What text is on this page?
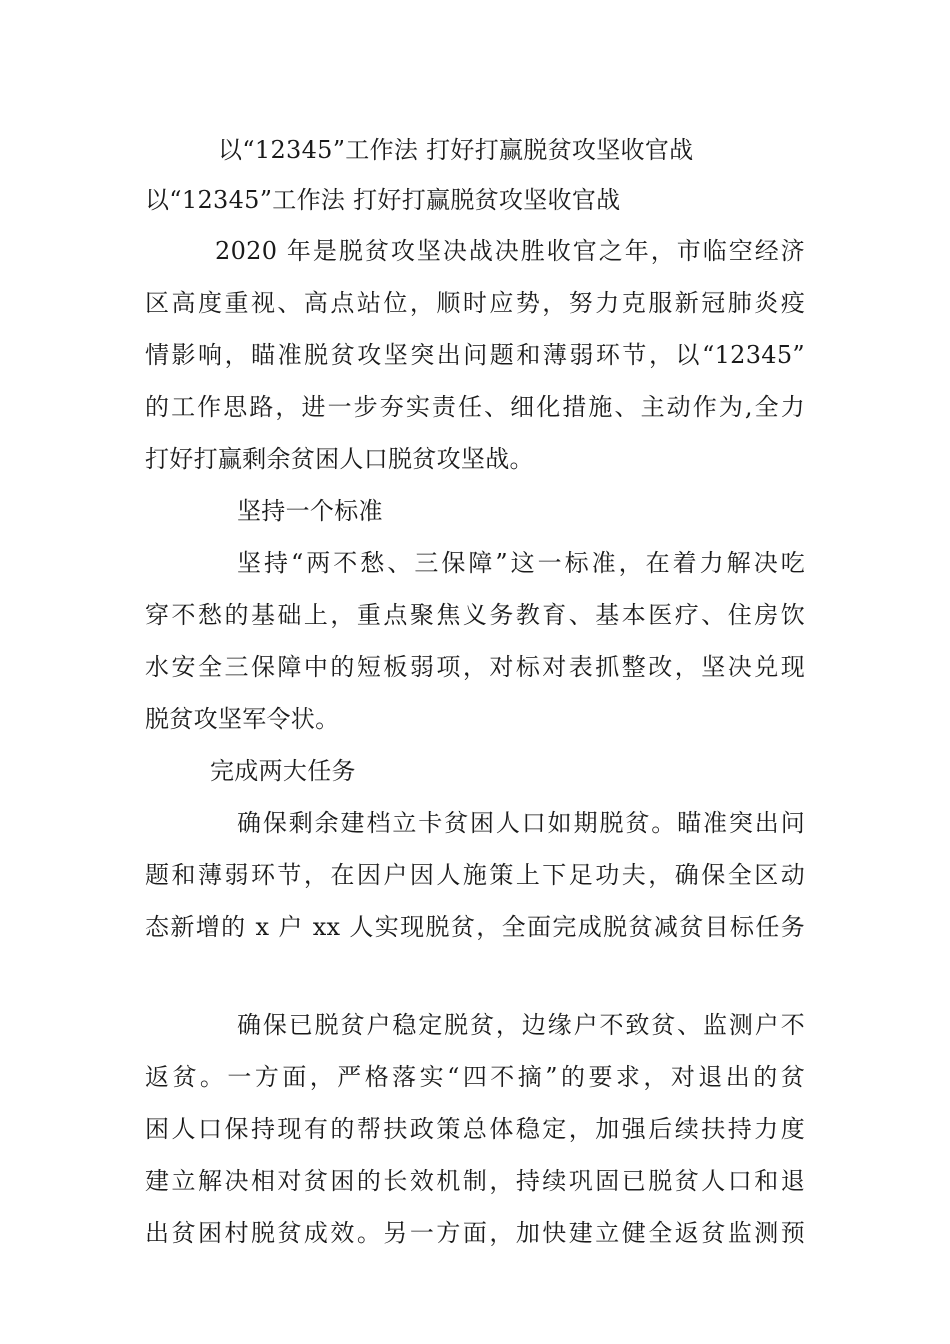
以“12345”工作法 打好打赢脱贫攻坚收官战
以“12345”工作法 打好打赢脱贫攻坚收官战
2020 年是脱贫攻坚决战决胜收官之年，市临空经济
区高度重视、高点站位，顺时应势，努力克服新冠肺炎疫
情影响，瞄准脱贫攻坚突出问题和薄弱环节，以“12345”
的工作思路，进一步夯实责任、细化措施、主动作为,全力
打好打赢剩余贫困人口脱贫攻坚战。
坚持一个标准
坚持“两不愁、三保障”这一标准，在着力解决吃
穿不愁的基础上，重点聚焦义务教育、基本医疗、住房饮
水安全三保障中的短板弱项，对标对表抓整改，坚决兑现
脱贫攻坚军令状。
完成两大任务
确保剩余建档立卡贫困人口如期脱贫。瞄准突出问
题和薄弱环节，在因户因人施策上下足功夫，确保全区动
态新增的 x 户 xx 人实现脱贫，全面完成脱贫减贫目标任务
确保已脱贫户稳定脱贫，边缘户不致贫、监测户不
返贫。一方面，严格落实“四不摘”的要求，对退出的贫
困人口保持现有的帮扶政策总体稳定，加强后续扶持力度
建立解决相对贫困的长效机制，持续巩固已脱贫人口和退
出贫困村脱贫成效。另一方面，加快建立健全返贫监测预
